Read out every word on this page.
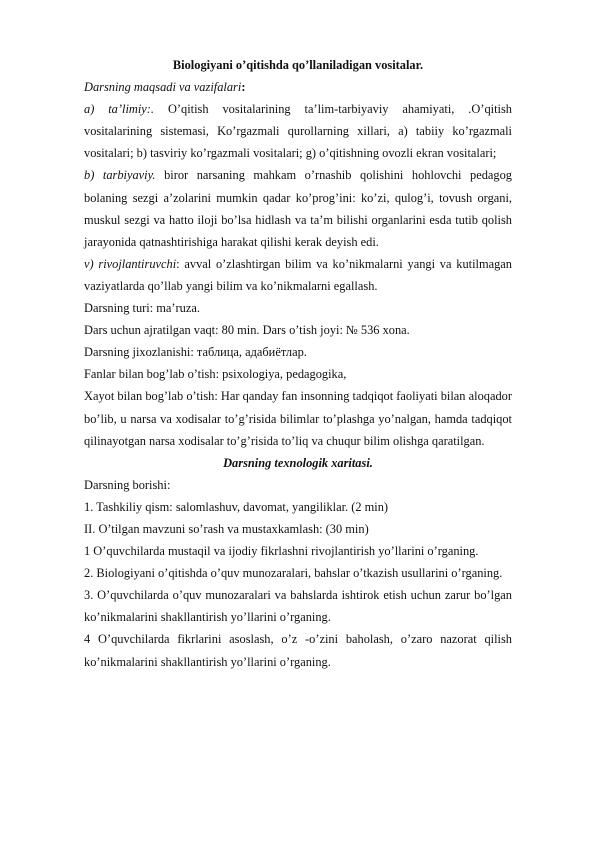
Biologiyani o’qitishda qo’llaniladigan vositalar.

Darsning maqsadi va vazifalari:

a) ta’limiy:. O’qitish vositalarining ta’lim-tarbiyaviy ahamiyati, .O’qitish vositalarining sistemasi, Ko’rgazmali qurollarning xillari, a) tabiiy ko’rgazmali vositalari; b) tasviriy ko’rgazmali vositalari; g) o’qitishning ovozli ekran vositalari;

b) tarbiyaviy. biror narsaning mahkam o’rnashib qolishini hohlovchi pedagog bolaning sezgi a’zolarini mumkin qadar ko’prog’ini: ko’zi, qulog’i, tovush organi, muskul sezgi va hatto iloji bo’lsa hidlash va ta’m bilishi organlarini esda tutib qolish jarayonida qatnashtirishiga harakat qilishi kerak deyish edi.

v) rivojlantiruvchi: avval o’zlashtirgan bilim va ko’nikmalarni yangi va kutilmagan vaziyatlarda qo’llab yangi bilim va ko’nikmalarni egallash.

Darsning turi: ma’ruza.

Dars uchun ajratilgan vaqt: 80 min. Dars o’tish joyi: № 536 xona.

Darsning jixozlanishi: таблица, адабиётлар.

Fanlar bilan bog’lab o’tish: psixologiya, pedagogika,

Xayot bilan bog’lab o’tish: Har qanday fan insonning tadqiqot faoliyati bilan aloqador bo’lib, u narsa va xodisalar to’g’risida bilimlar to’plashga yo’nalgan, hamda tadqiqot qilinayotgan narsa xodisalar to’g’risida to’liq va chuqur bilim olishga qaratilgan.

Darsning texnologik xaritasi.

Darsning borishi:

1. Tashkiliy qism: salomlashuv, davomat, yangiliklar. (2 min)

II. O’tilgan mavzuni so’rash va mustaxkamlash: (30 min)

1 O’quvchilarda mustaqil va ijodiy fikrlashni rivojlantirish yo’llarini o’rganing.

2. Biologiyani o’qitishda o’quv munozaralari, bahslar o’tkazish usullarini o’rganing.

3. O’quvchilarda o’quv munozaralari va bahslarda ishtirok etish uchun zarur bo’lgan ko’nikmalarini shakllantirish yo’llarini o’rganing.

4 O’quvchilarda fikrlarini asoslash, o’z -o’zini baholash, o’zaro nazorat qilish ko’nikmalarini shakllantirish yo’llarini o’rganing.
